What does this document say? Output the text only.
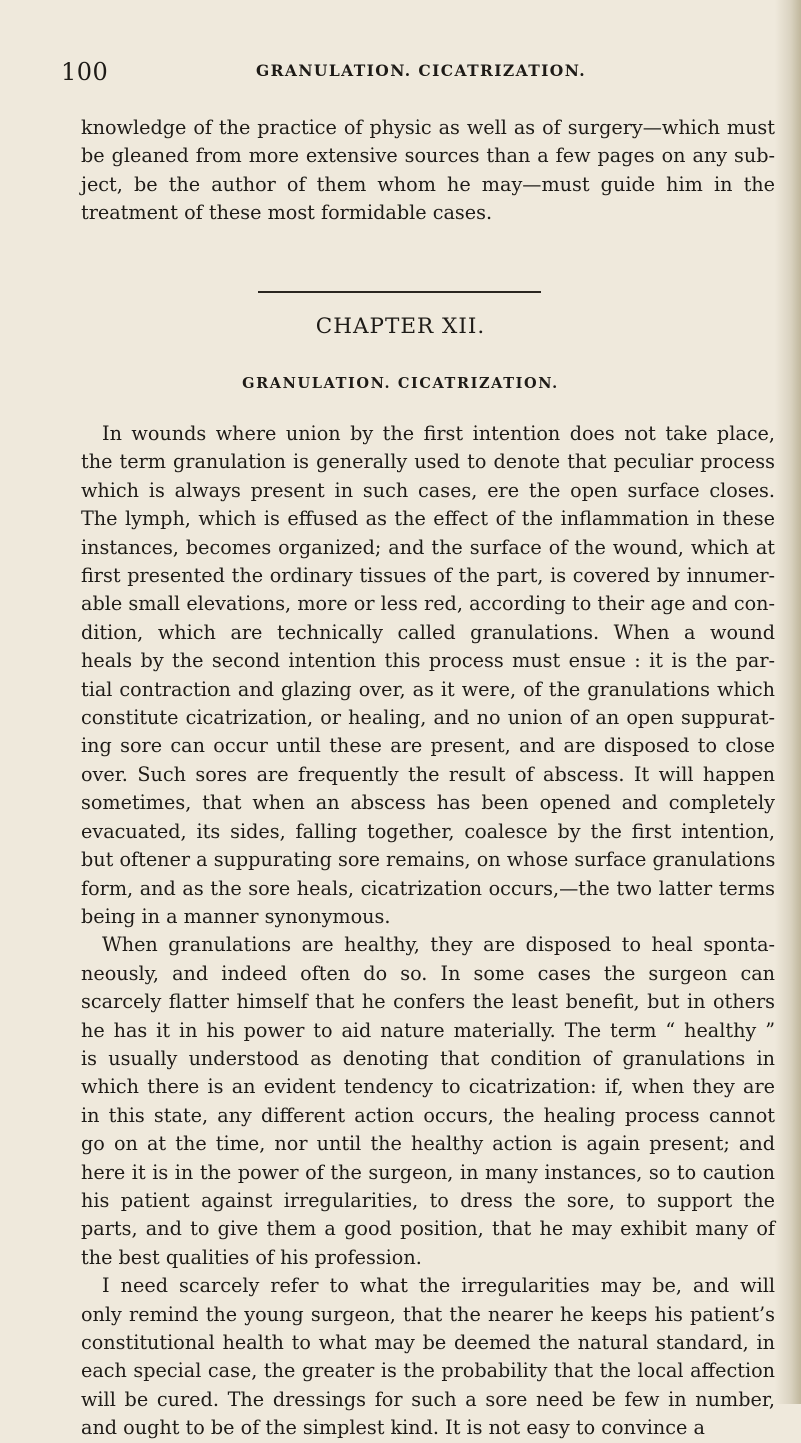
100	GRANULATION. CICATRIZATION.
knowledge of the practice of physic as well as of surgery—which must
be gleaned from more extensive sources than a few pages on any sub-
ject, be the author of them whom he may—must guide him in the
treatment of these most formidable cases.
CHAPTER XII.
GRANULATION. CICATRIZATION.
In wounds where union by the first intention does not take place,
the term granulation is generally used to denote that peculiar process
which is always present in such cases, ere the open surface closes.
The lymph, which is effused as the effect of the inflammation in these
instances, becomes organized; and the surface of the wound, which at
first presented the ordinary tissues of the part, is covered by innumer-
able small elevations, more or less red, according to their age and con-
dition, which are technically called granulations. When a wound
heals by the second intention this process must ensue : it is the par-
tial contraction and glazing over, as it were, of the granulations which
constitute cicatrization, or healing, and no union of an open suppurat-
ing sore can occur until these are present, and are disposed to close
over. Such sores are frequently the result of abscess. It will happen
sometimes, that when an abscess has been opened and completely
evacuated, its sides, falling together, coalesce by the first intention,
but oftener a suppurating sore remains, on whose surface granulations
form, and as the sore heals, cicatrization occurs,—the two latter terms
being in a manner synonymous.
When granulations are healthy, they are disposed to heal sponta-
neously, and indeed often do so. In some cases the surgeon can
scarcely flatter himself that he confers the least benefit, but in others
he has it in his power to aid nature materially. The term “ healthy ”
is usually understood as denoting that condition of granulations in
which there is an evident tendency to cicatrization: if, when they are
in this state, any different action occurs, the healing process cannot
go on at the time, nor until the healthy action is again present; and
here it is in the power of the surgeon, in many instances, so to caution
his patient against irregularities, to dress the sore, to support the
parts, and to give them a good position, that he may exhibit many of
the best qualities of his profession.
I need scarcely refer to what the irregularities may be, and will
only remind the young surgeon, that the nearer he keeps his patient’s
constitutional health to what may be deemed the natural standard, in
each special case, the greater is the probability that the local affection
will be cured. The dressings for such a sore need be few in number,
and ought to be of the simplest kind. It is not easy to convince a
